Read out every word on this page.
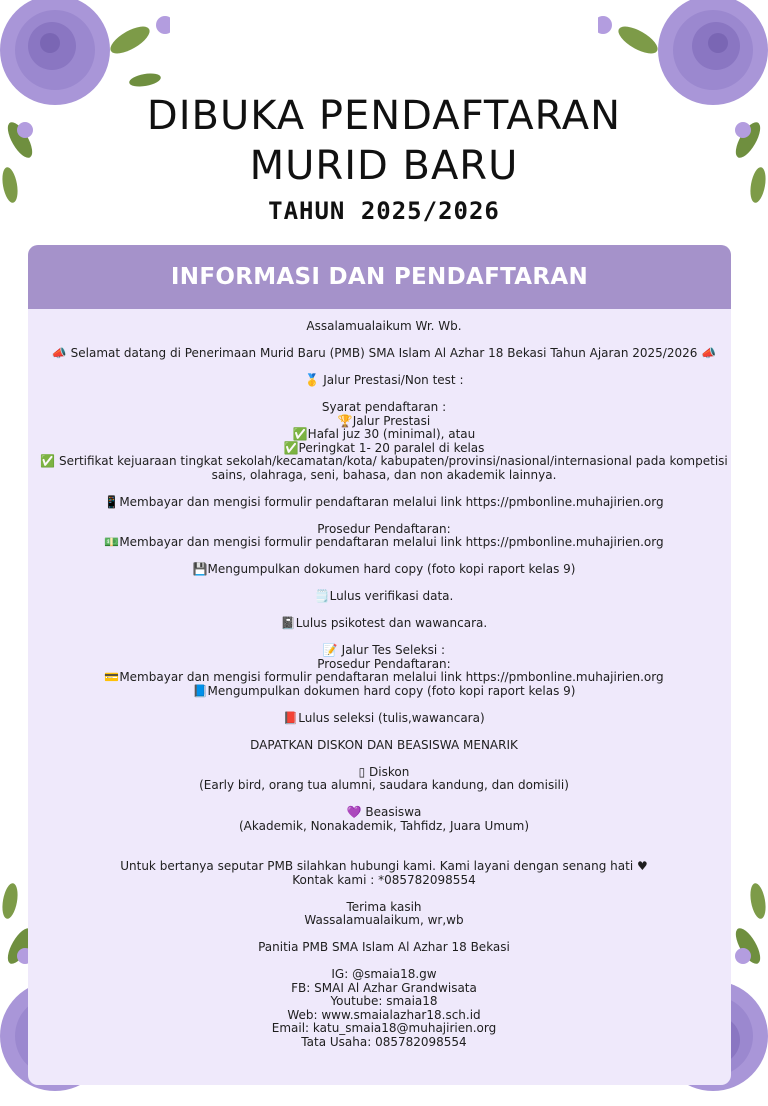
DIBUKA PENDAFTARAN
MURID BARU
TAHUN 2025/2026
INFORMASI DAN PENDAFTARAN

Assalamualaikum Wr. Wb.

📣 Selamat datang di Penerimaan Murid Baru (PMB) SMA Islam Al Azhar 18 Bekasi Tahun Ajaran 2025/2026 📣

🥇 Jalur Prestasi/Non test :

Syarat pendaftaran :

🏆Jalur Prestasi

✅Hafal juz 30 (minimal), atau

✅Peringkat 1- 20 paralel di kelas

✅ Sertifikat kejuaraan tingkat sekolah/kecamatan/kota/ kabupaten/provinsi/nasional/internasional pada kompetisi

sains, olahraga, seni, bahasa, dan non akademik lainnya.

📱Membayar dan mengisi formulir pendaftaran melalui link https://pmbonline.muhajirien.org

Prosedur Pendaftaran:

💵Membayar dan mengisi formulir pendaftaran melalui link https://pmbonline.muhajirien.org

💾Mengumpulkan dokumen hard copy (foto kopi raport kelas 9)

🗒️Lulus verifikasi data.

📓Lulus psikotest dan wawancara.

📝 Jalur Tes Seleksi :

Prosedur Pendaftaran:

💳Membayar dan mengisi formulir pendaftaran melalui link https://pmbonline.muhajirien.org

📘Mengumpulkan dokumen hard copy (foto kopi raport kelas 9)

📕Lulus seleksi (tulis,wawancara)

DAPATKAN DISKON DAN BEASISWA MENARIK

▯ Diskon

(Early bird, orang tua alumni, saudara kandung, dan domisili)

💜 Beasiswa

(Akademik, Nonakademik, Tahfidz, Juara Umum)

Untuk bertanya seputar PMB silahkan hubungi kami. Kami layani dengan senang hati ♥

Kontak kami : *085782098554

Terima kasih

Wassalamualaikum, wr,wb

Panitia PMB SMA Islam Al Azhar 18 Bekasi

IG: @smaia18.gw

FB: SMAI Al Azhar Grandwisata

Youtube: smaia18

Web: www.smaialazhar18.sch.id

Email: katu_smaia18@muhajirien.org

Tata Usaha: 085782098554
